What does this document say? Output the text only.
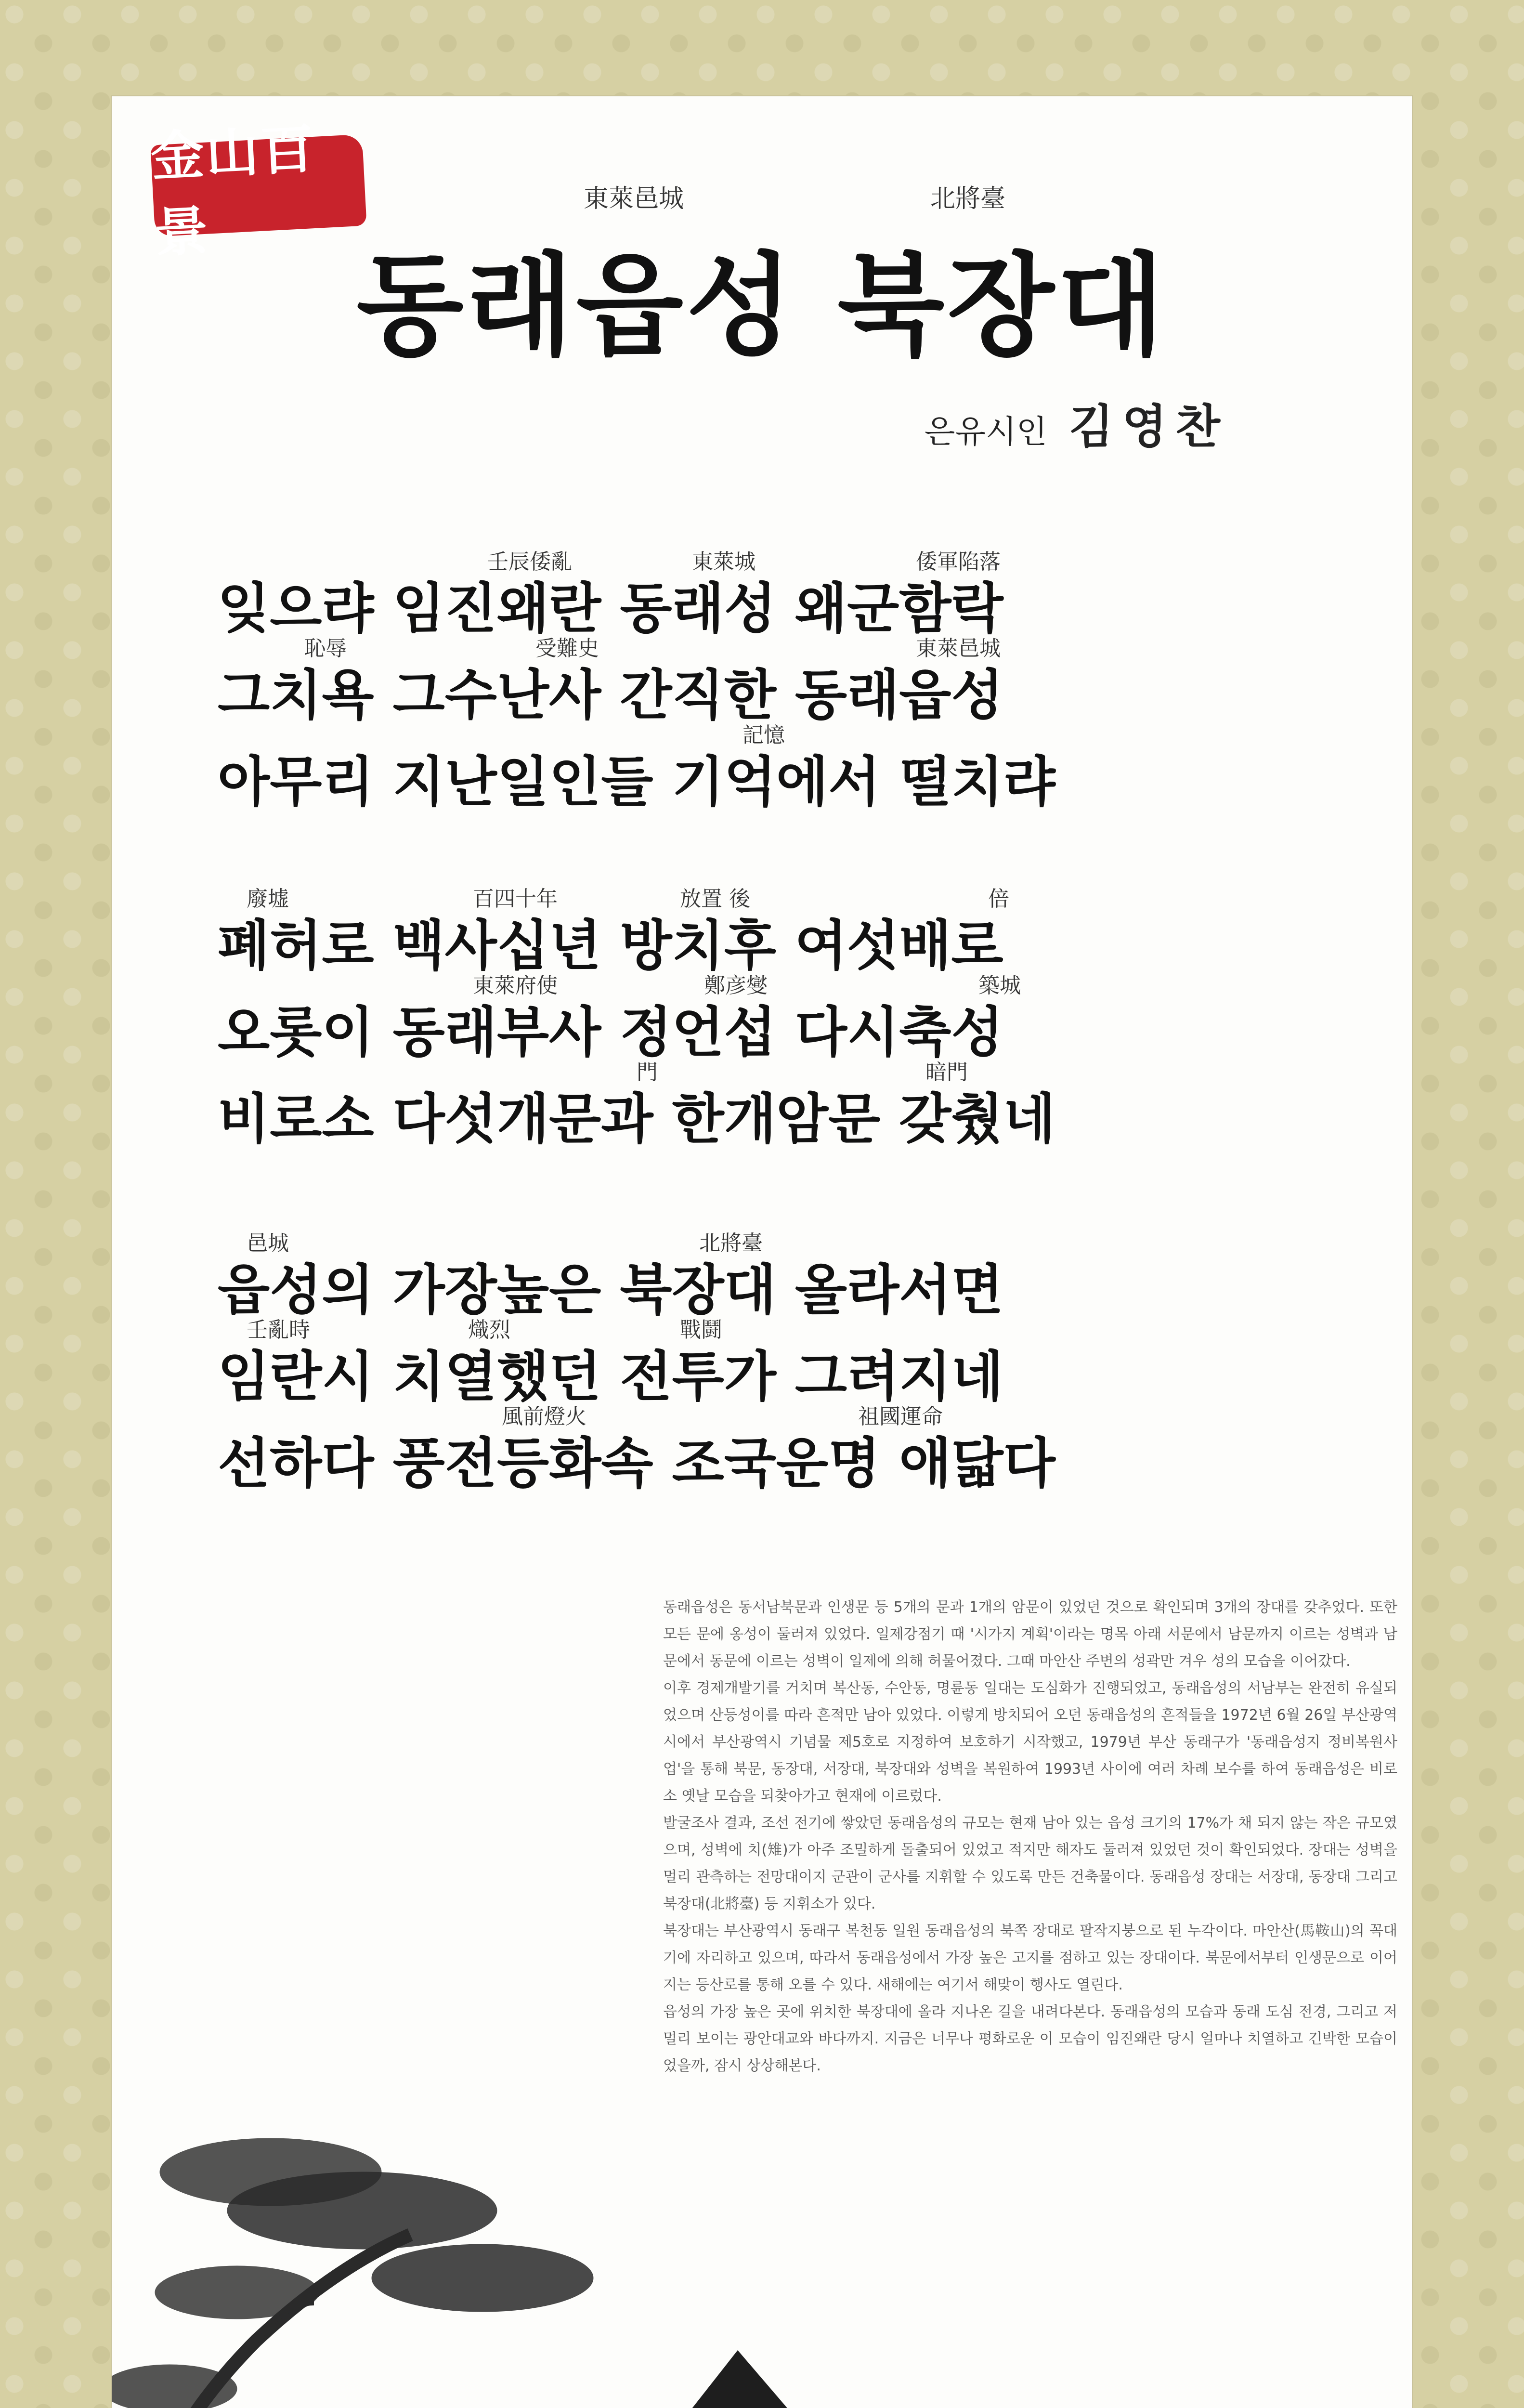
金山百景
東萊邑城	北將臺
동래읍성 북장대
은유시인 김영찬
壬辰倭亂	東萊城	倭軍陷落
잊으랴 임진왜란 동래성 왜군함락
恥辱	受難史	東萊邑城
그치욕 그수난사 간직한 동래읍성
記憶
아무리 지난일인들 기억에서 떨치랴
廢墟	百四十年	放置 後	倍
폐허로 백사십년 방치후 여섯배로
東萊府使	鄭彦燮	築城
오롯이 동래부사 정언섭 다시축성
門	暗門
비로소 다섯개문과 한개암문 갖췄네
邑城	北將臺
읍성의 가장높은 북장대 올라서면
壬亂時	熾烈	戰鬪
임란시 치열했던 전투가 그려지네
風前燈火	祖國運命
선하다 풍전등화속 조국운명 애닯다

동래읍성은 동서남북문과 인생문 등 5개의 문과 1개의 암문이 있었던 것으로 확인되며 3개의 장대를 갖추었다. 또한 모든 문에 옹성이 둘러져 있었다. 일제강점기 때 '시가지 계획'이라는 명목 아래 서문에서 남문까지 이르는 성벽과 남문에서 동문에 이르는 성벽이 일제에 의해 허물어졌다. 그때 마안산 주변의 성곽만 겨우 성의 모습을 이어갔다.

이후 경제개발기를 거치며 복산동, 수안동, 명륜동 일대는 도심화가 진행되었고, 동래읍성의 서남부는 완전히 유실되었으며 산등성이를 따라 흔적만 남아 있었다. 이렇게 방치되어 오던 동래읍성의 흔적들을 1972년 6월 26일 부산광역시에서 부산광역시 기념물 제5호로 지정하여 보호하기 시작했고, 1979년 부산 동래구가 '동래읍성지 정비복원사업'을 통해 북문, 동장대, 서장대, 북장대와 성벽을 복원하여 1993년 사이에 여러 차례 보수를 하여 동래읍성은 비로소 옛날 모습을 되찾아가고 현재에 이르렀다.

발굴조사 결과, 조선 전기에 쌓았던 동래읍성의 규모는 현재 남아 있는 읍성 크기의 17%가 채 되지 않는 작은 규모였으며, 성벽에 치(雉)가 아주 조밀하게 돌출되어 있었고 적지만 해자도 둘러져 있었던 것이 확인되었다. 장대는 성벽을 멀리 관측하는 전망대이지 군관이 군사를 지휘할 수 있도록 만든 건축물이다. 동래읍성 장대는 서장대, 동장대 그리고 북장대(北將臺) 등 지휘소가 있다.

북장대는 부산광역시 동래구 복천동 일원 동래읍성의 북쪽 장대로 팔작지붕으로 된 누각이다. 마안산(馬鞍山)의 꼭대기에 자리하고 있으며, 따라서 동래읍성에서 가장 높은 고지를 점하고 있는 장대이다. 북문에서부터 인생문으로 이어지는 등산로를 통해 오를 수 있다. 새해에는 여기서 해맞이 행사도 열린다.

읍성의 가장 높은 곳에 위치한 북장대에 올라 지나온 길을 내려다본다. 동래읍성의 모습과 동래 도심 전경, 그리고 저 멀리 보이는 광안대교와 바다까지. 지금은 너무나 평화로운 이 모습이 임진왜란 당시 얼마나 치열하고 긴박한 모습이었을까, 잠시 상상해본다.
